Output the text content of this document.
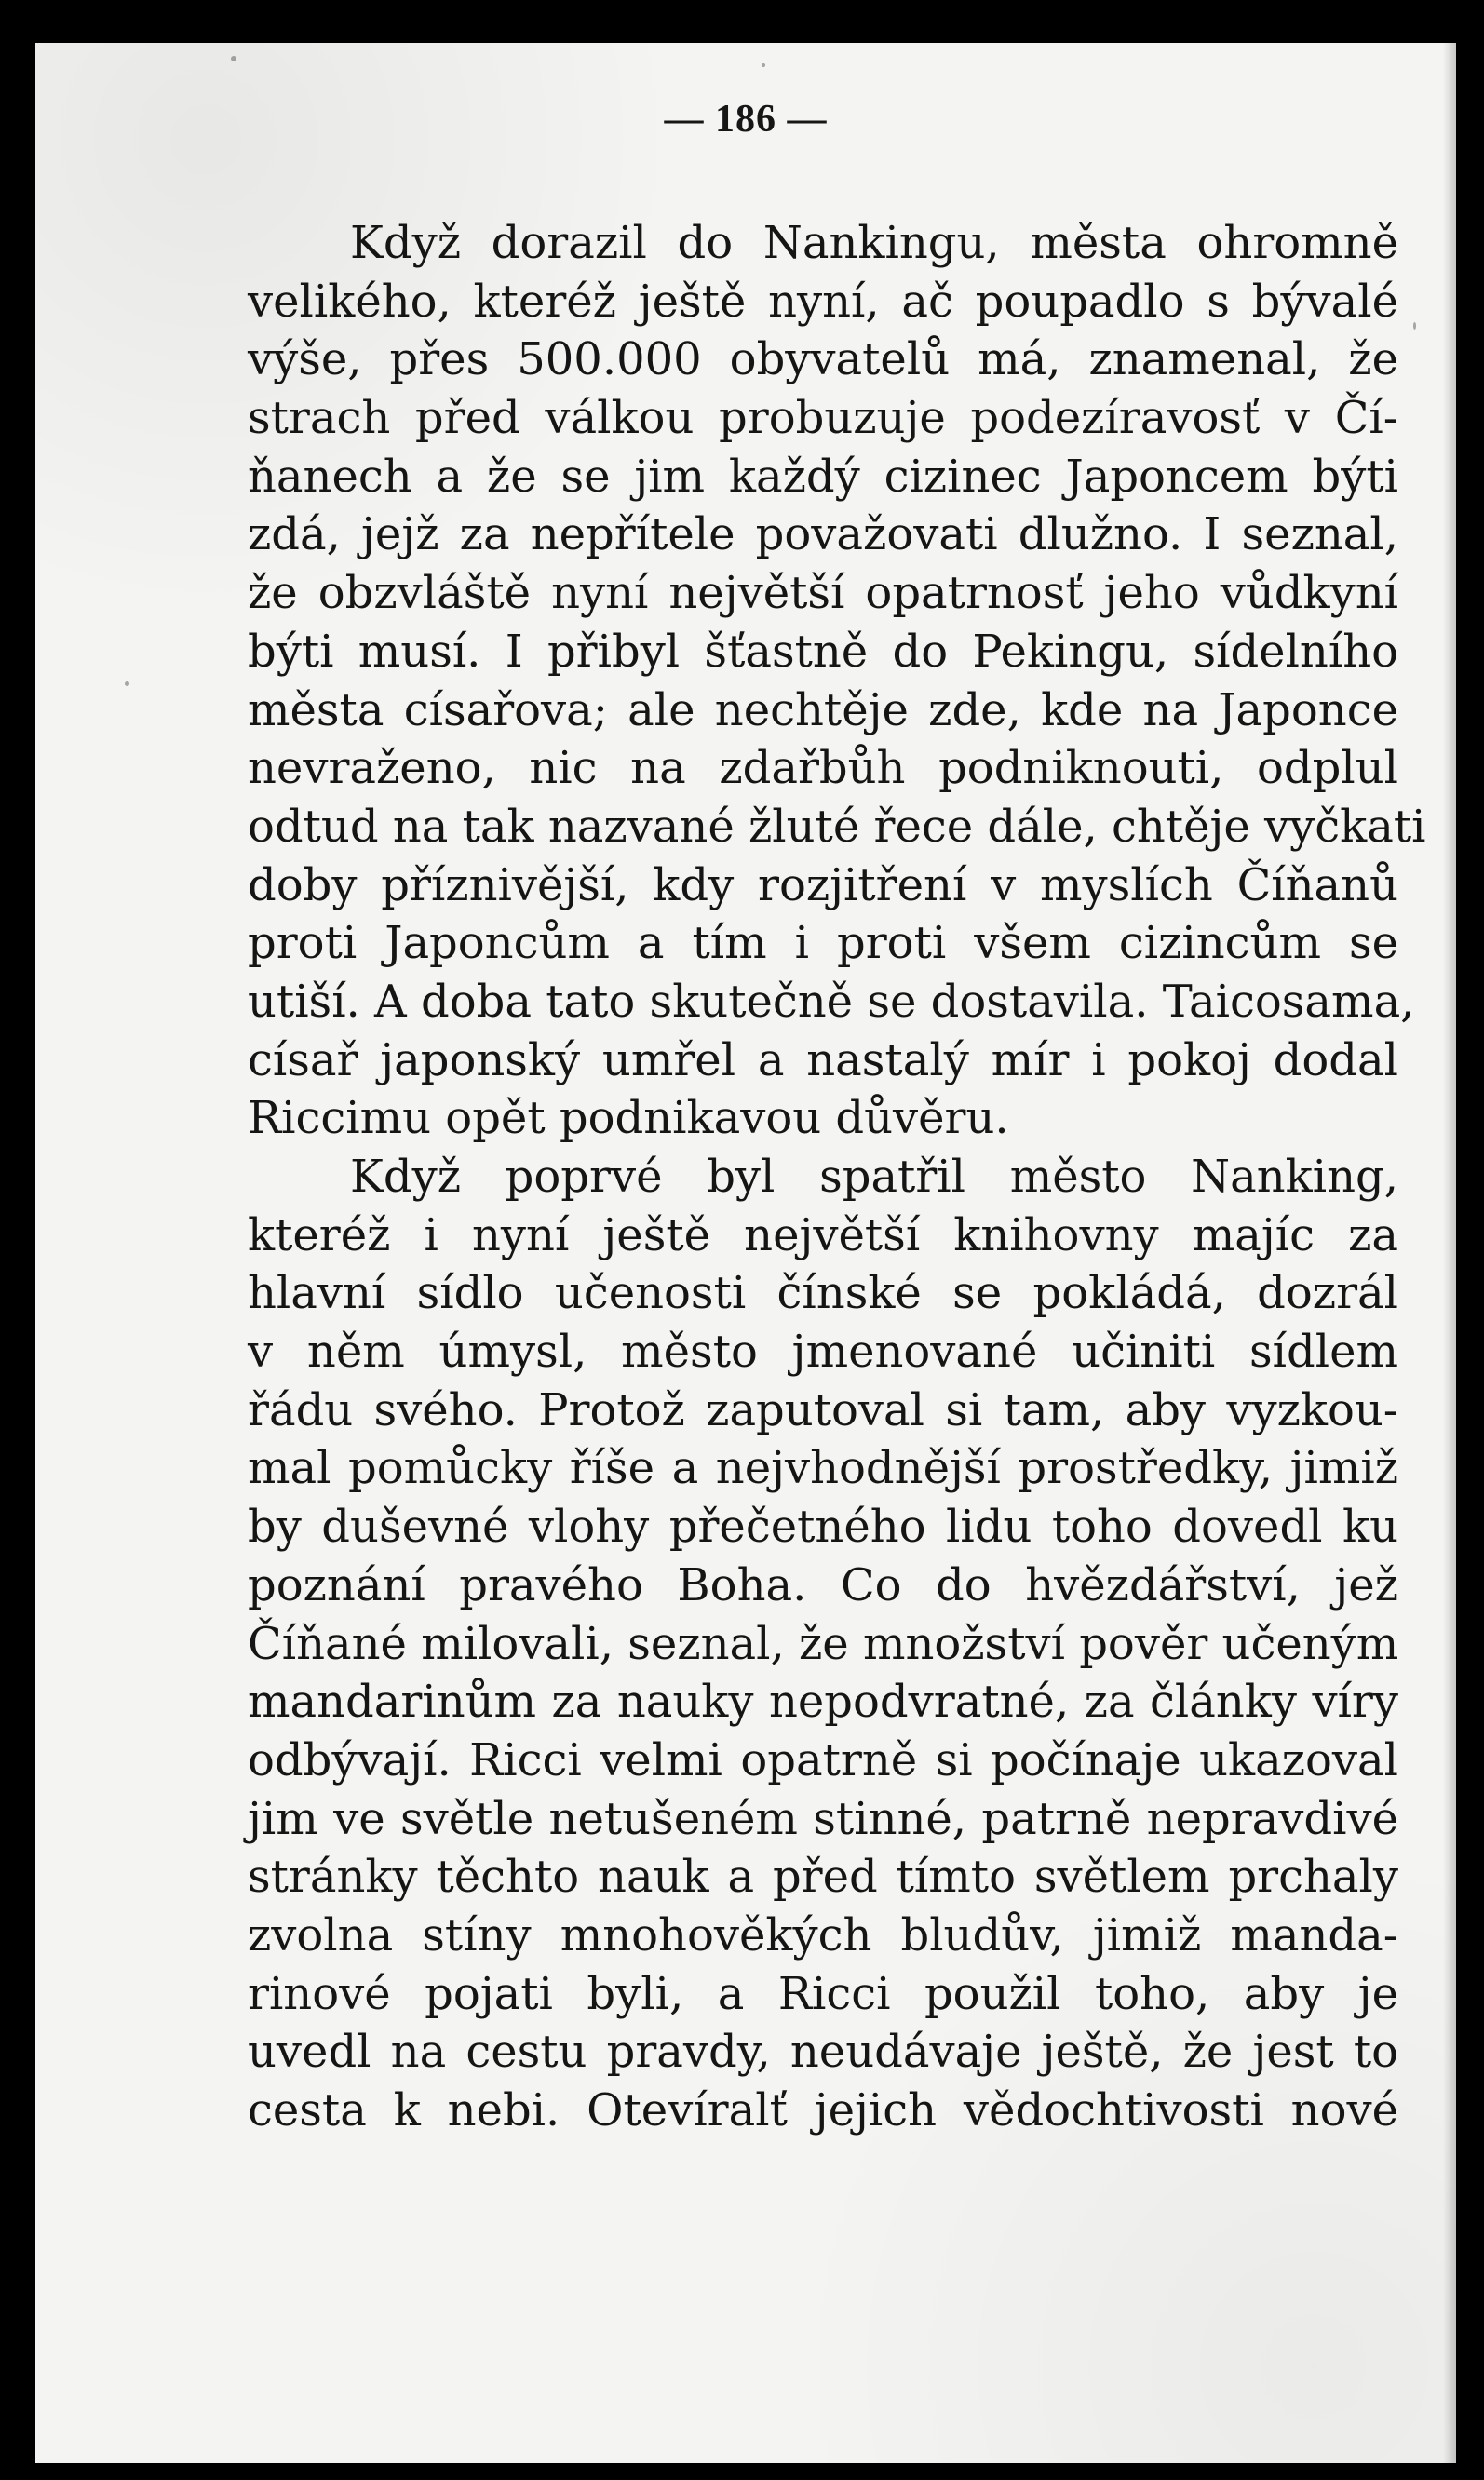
— 186 —
Když dorazil do Nankingu, města ohromně
velikého, kteréž ještě nyní, ač poupadlo s bývalé
výše, přes 500.000 obyvatelů má, znamenal, že
strach před válkou probuzuje podezíravosť v Čí-
ňanech a že se jim každý cizinec Japoncem býti
zdá, jejž za nepřítele považovati dlužno. I seznal,
že obzvláště nyní největší opatrnosť jeho vůdkyní
býti musí. I přibyl šťastně do Pekingu, sídelního
města císařova; ale nechtěje zde, kde na Japonce
nevraženo, nic na zdařbůh podniknouti, odplul
odtud na tak nazvané žluté řece dále, chtěje vyčkati
doby příznivější, kdy rozjitření v myslích Číňanů
proti Japoncům a tím i proti všem cizincům se
utiší. A doba tato skutečně se dostavila. Taicosama,
císař japonský umřel a nastalý mír i pokoj dodal
Riccimu opět podnikavou důvěru.
Když poprvé byl spatřil město Nanking,
kteréž i nyní ještě největší knihovny majíc za
hlavní sídlo učenosti čínské se pokládá, dozrál
v něm úmysl, město jmenované učiniti sídlem
řádu svého. Protož zaputoval si tam, aby vyzkou-
mal pomůcky říše a nejvhodnější prostředky, jimiž
by duševné vlohy přečetného lidu toho dovedl ku
poznání pravého Boha. Co do hvězdářství, jež
Číňané milovali, seznal, že množství pověr učeným
mandarinům za nauky nepodvratné, za články víry
odbývají. Ricci velmi opatrně si počínaje ukazoval
jim ve světle netušeném stinné, patrně nepravdivé
stránky těchto nauk a před tímto světlem prchaly
zvolna stíny mnohověkých bludův, jimiž manda-
rinové pojati byli, a Ricci použil toho, aby je
uvedl na cestu pravdy, neudávaje ještě, že jest to
cesta k nebi. Otevíralť jejich vědochtivosti nové
